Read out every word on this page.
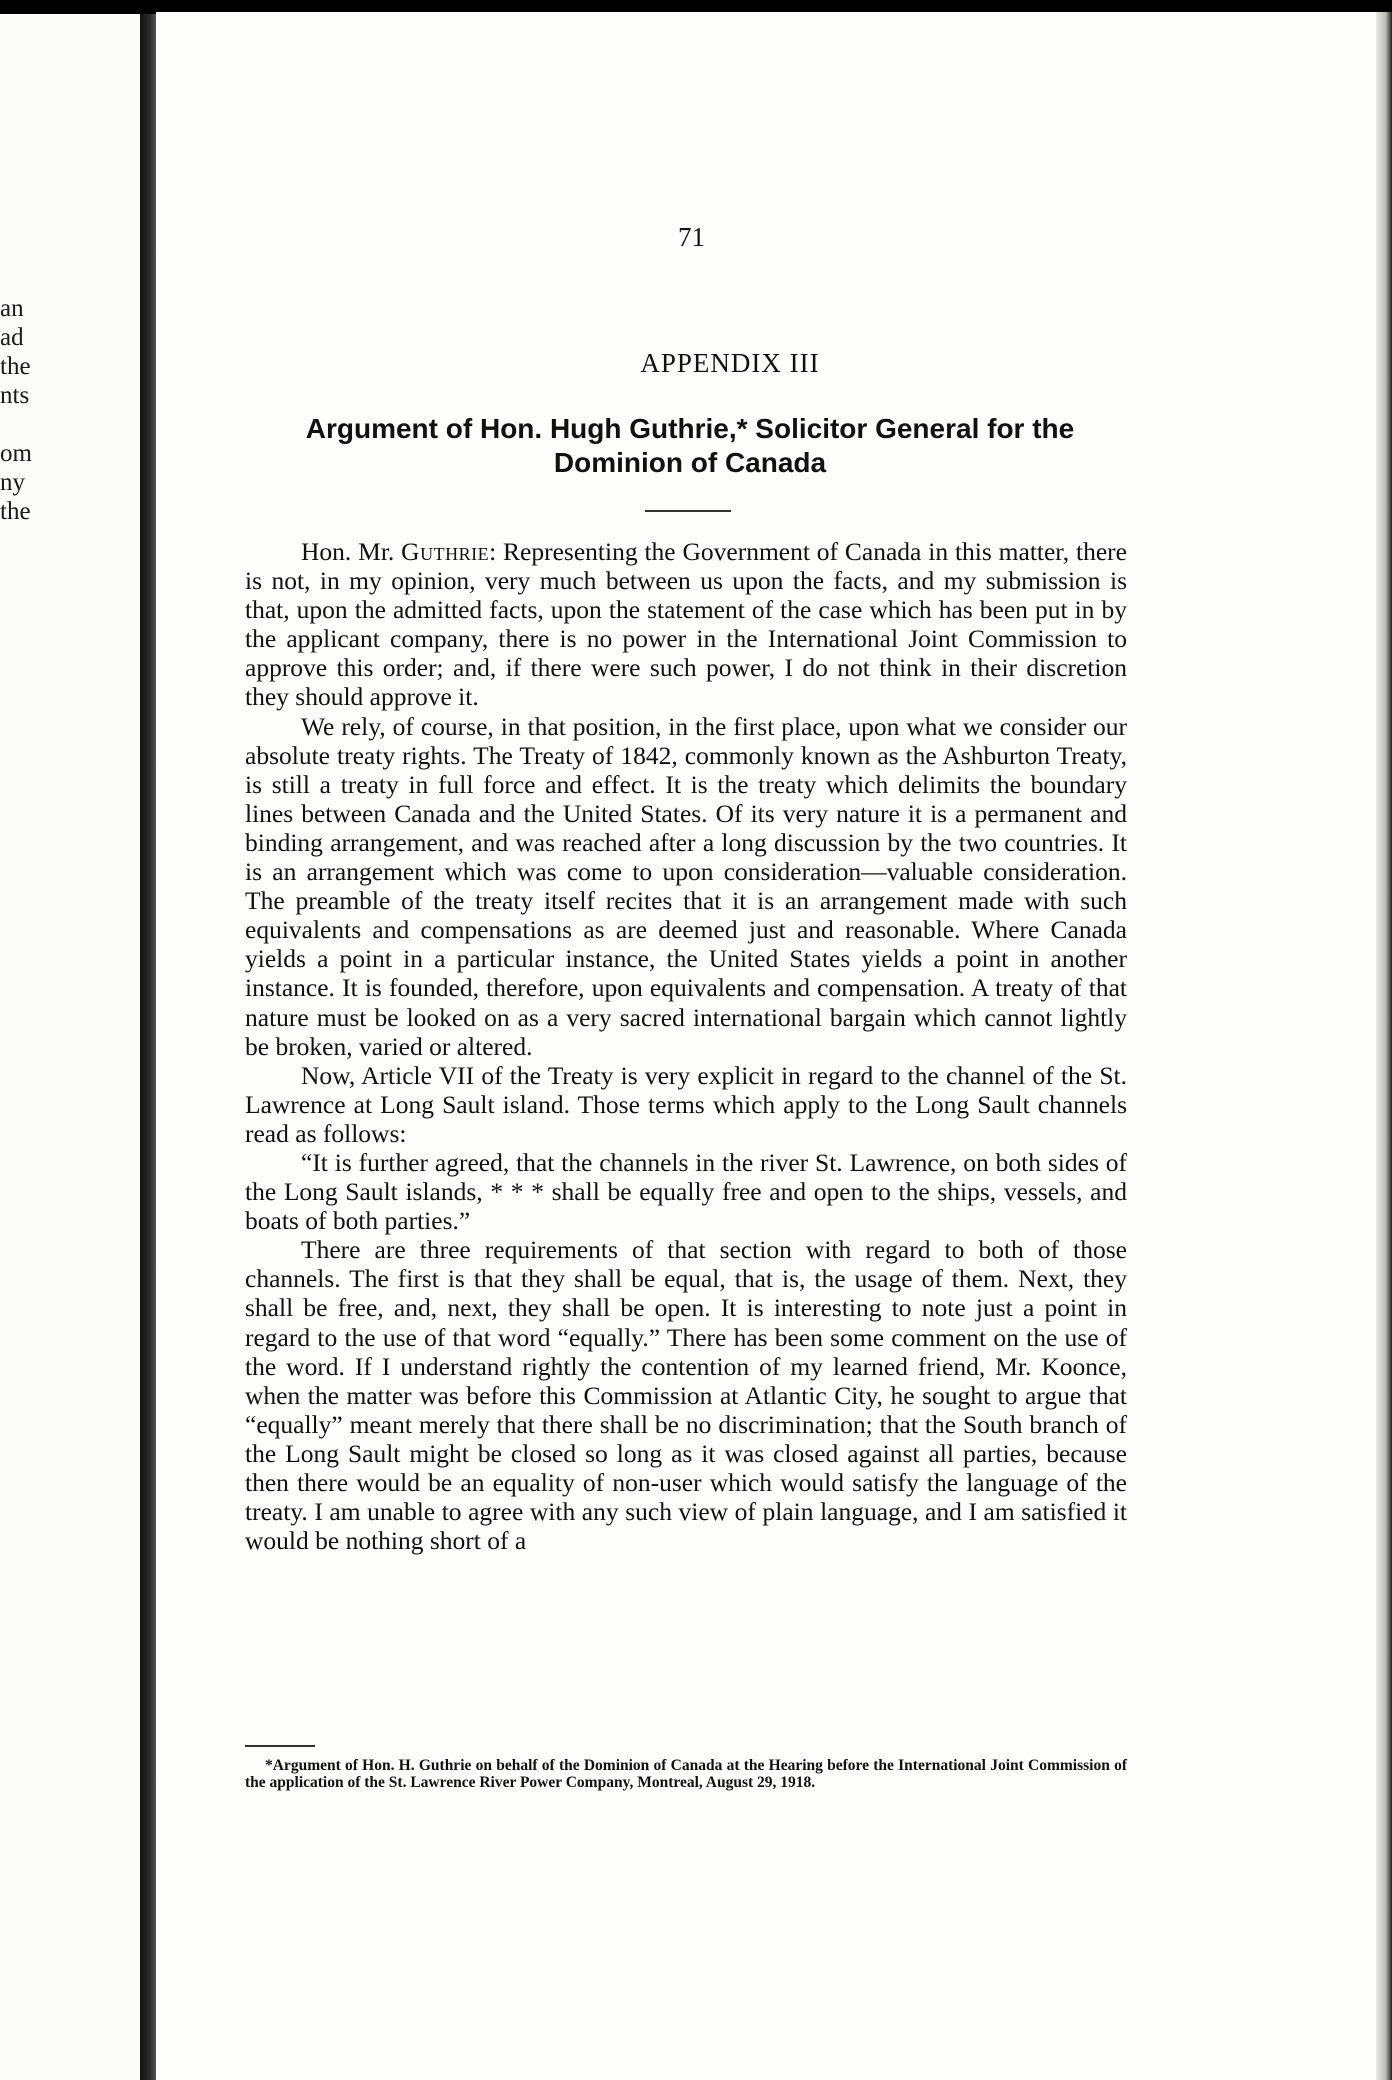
an
ad
the
nts

om
ny
the
71
APPENDIX III
Argument of Hon. Hugh Guthrie,* Solicitor General for the
Dominion of Canada

Hon. Mr. Guthrie: Representing the Government of Canada in this matter, there is not, in my opinion, very much between us upon the facts, and my submission is that, upon the admitted facts, upon the statement of the case which has been put in by the applicant company, there is no power in the International Joint Commission to approve this order; and, if there were such power, I do not think in their discretion they should approve it.

We rely, of course, in that position, in the first place, upon what we consider our absolute treaty rights. The Treaty of 1842, commonly known as the Ashburton Treaty, is still a treaty in full force and effect. It is the treaty which delimits the boundary lines between Canada and the United States. Of its very nature it is a permanent and binding arrangement, and was reached after a long discussion by the two countries. It is an arrangement which was come to upon consideration—valuable consideration. The preamble of the treaty itself recites that it is an arrangement made with such equivalents and compensations as are deemed just and reasonable. Where Canada yields a point in a particular instance, the United States yields a point in another instance. It is founded, therefore, upon equivalents and compensation. A treaty of that nature must be looked on as a very sacred international bargain which cannot lightly be broken, varied or altered.

Now, Article VII of the Treaty is very explicit in regard to the channel of the St. Lawrence at Long Sault island. Those terms which apply to the Long Sault channels read as follows:

“It is further agreed, that the channels in the river St. Lawrence, on both sides of the Long Sault islands, * * * shall be equally free and open to the ships, vessels, and boats of both parties.”

There are three requirements of that section with regard to both of those channels. The first is that they shall be equal, that is, the usage of them. Next, they shall be free, and, next, they shall be open. It is interesting to note just a point in regard to the use of that word “equally.” There has been some comment on the use of the word. If I understand rightly the contention of my learned friend, Mr. Koonce, when the matter was before this Commission at Atlantic City, he sought to argue that “equally” meant merely that there shall be no discrimination; that the South branch of the Long Sault might be closed so long as it was closed against all parties, because then there would be an equality of non-user which would satisfy the language of the treaty. I am unable to agree with any such view of plain language, and I am satisfied it would be nothing short of a

*Argument of Hon. H. Guthrie on behalf of the Dominion of Canada at the Hearing before the International Joint Commission of the application of the St. Lawrence River Power Company, Montreal, August 29, 1918.
